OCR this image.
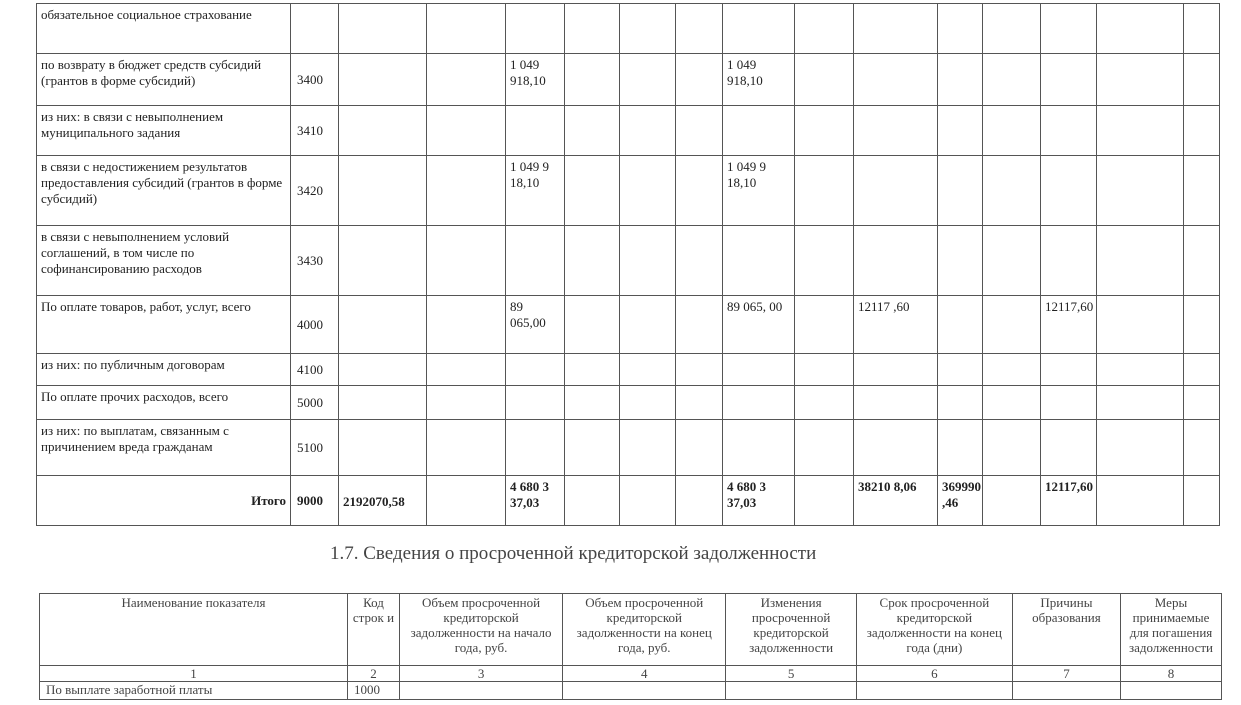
обязательное социальное страхование															
по возврату в бюджет средств субсидий (грантов в форме субсидий)	3400			1 049 918,10				1 049 918,10							
из них: в связи с невыполнением муниципального задания	3410														
в связи с недостижением результатов предоставления субсидий (грантов в форме субсидий)	3420			1 049 9 18,10				1 049 9 18,10							
в связи с невыполнением условий соглашений, в том числе по софинансированию расходов	3430														
По оплате товаров, работ, услуг, всего	4000			89 065,00				89 065, 00		12117 ,60			12117,60		
из них: по публичным договорам	4100														
По оплате прочих расходов, всего	5000														
из них: по выплатам, связанным с причинением вреда гражданам	5100														
Итого	9000	2192070,58		4 680 3 37,03				4 680 3 37,03		38210 8,06	369990 ,46		12117,60		
1.7. Сведения о просроченной кредиторской задолженности
Наименование показателя	Код строк и	Объем просроченной кредиторской задолженности на начало года, руб.	Объем просроченной кредиторской задолженности на конец года, руб.	Изменения просроченной кредиторской задолженности	Срок просроченной кредиторской задолженности на конец года (дни)	Причины образования	Меры принимаемые для погашения задолженности
1	2	3	4	5	6	7	8
По выплате заработной платы	1000						
